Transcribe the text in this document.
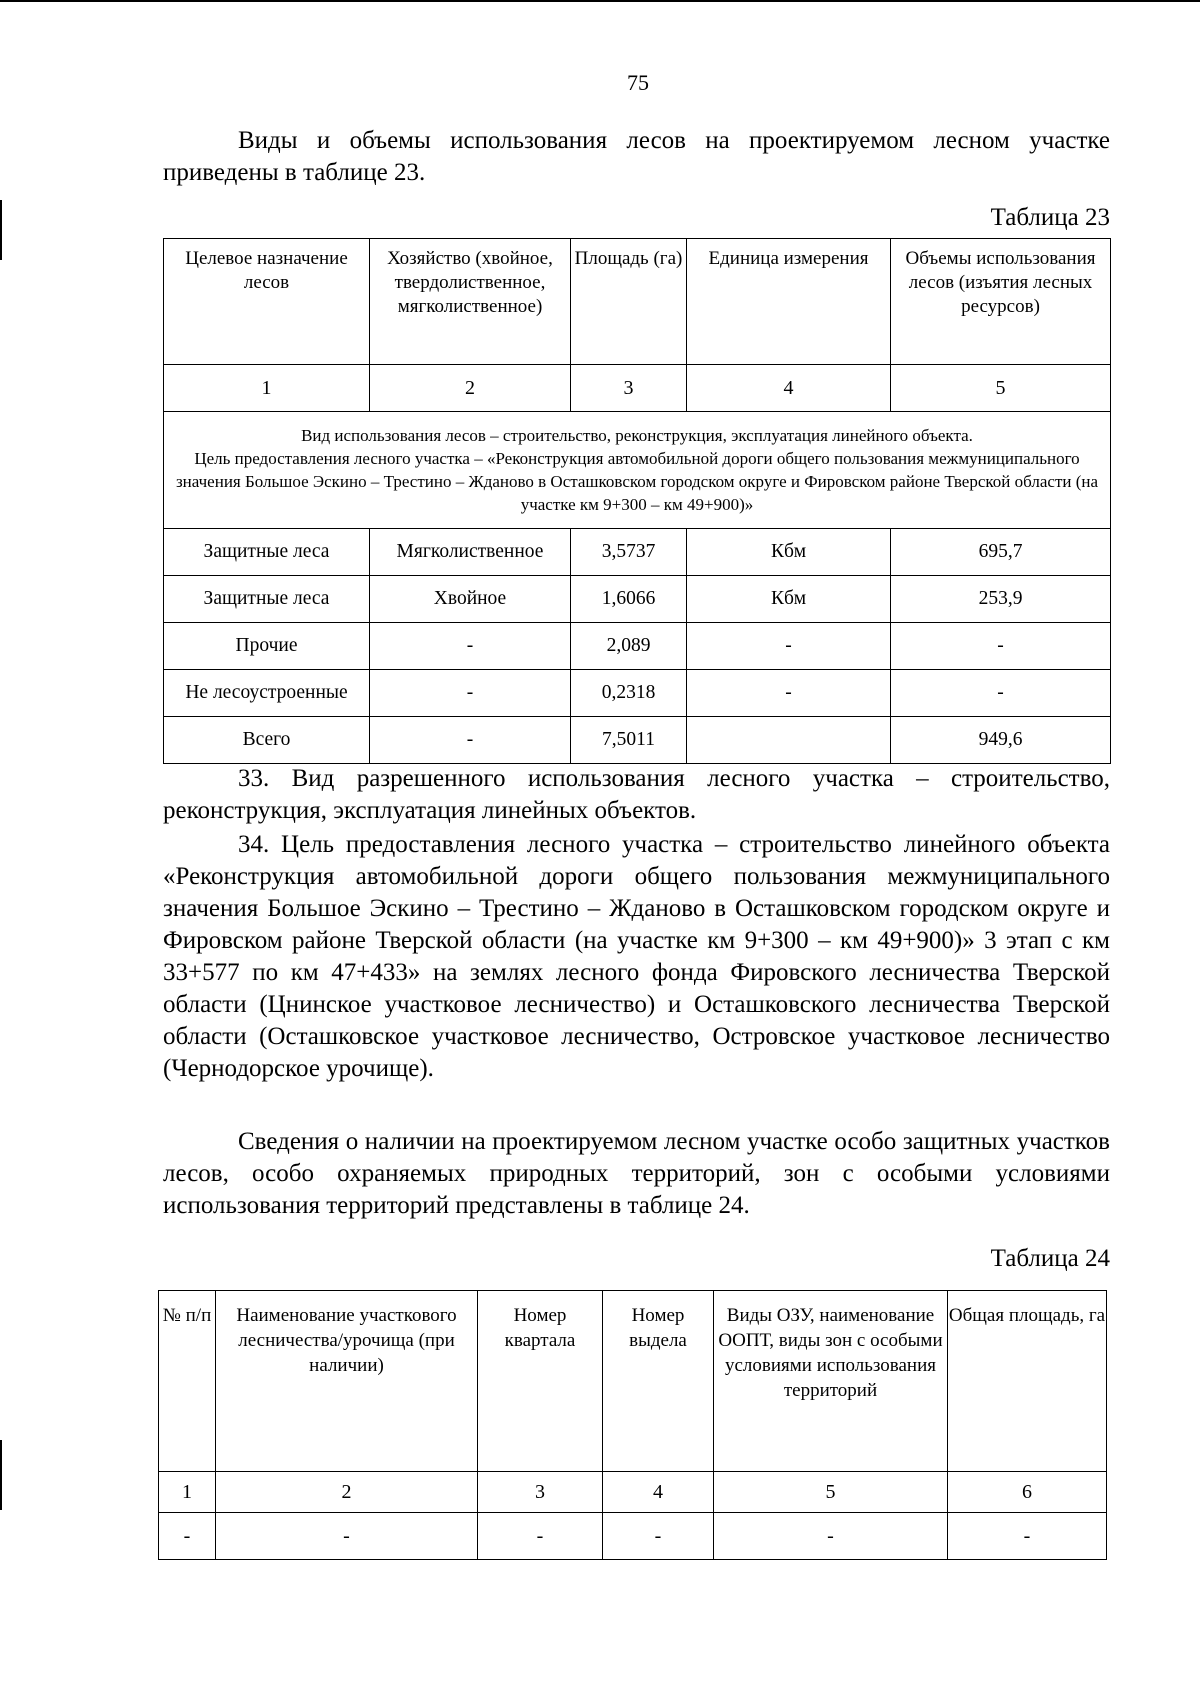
75
Виды и объемы использования лесов на проектируемом лесном участке приведены в таблице 23.
Таблица 23
Целевое назначение лесов	Хозяйство (хвойное, твердолиственное, мягколиственное)	Площадь (га)	Единица измерения	Объемы использования лесов (изъятия лесных ресурсов)
1	2	3	4	5

Вид использования лесов – строительство, реконструкция, эксплуатация линейного объекта.
Цель предоставления лесного участка – «Реконструкция автомобильной дороги общего пользования межмуниципального значения Большое Эскино – Трестино – Жданово в Осташковском городском округе и Фировском районе Тверской области (на участке км 9+300 – км 49+900)»				

Защитные леса	Мягколиственное	3,5737	Кбм	695,7
Защитные леса	Хвойное	1,6066	Кбм	253,9
Прочие	-	2,089	-	-
Не лесоустроенные	-	0,2318	-	-
Всего	-	7,5011		949,6
33. Вид разрешенного использования лесного участка – строительство, реконструкция, эксплуатация линейных объектов.
34. Цель предоставления лесного участка – строительство линейного объекта «Реконструкция автомобильной дороги общего пользования межмуниципального значения Большое Эскино – Трестино – Жданово в Осташковском городском округе и Фировском районе Тверской области (на участке км 9+300 – км 49+900)» 3 этап с км 33+577 по км 47+433» на землях лесного фонда Фировского лесничества Тверской области (Цнинское участковое лесничество) и Осташковского лесничества Тверской области (Осташковское участковое лесничество, Островское участковое лесничество (Чернодорское урочище).
Сведения о наличии на проектируемом лесном участке особо защитных участков лесов, особо охраняемых природных территорий, зон с особыми условиями использования территорий представлены в таблице 24.
Таблица 24
№ п/п	Наименование участкового лесничества/урочища (при наличии)	Номер квартала	Номер выдела	Виды ОЗУ, наименование ООПТ, виды зон с особыми условиями использования территорий	Общая площадь, га
1	2	3	4	5	6
-	-	-	-	-	-
